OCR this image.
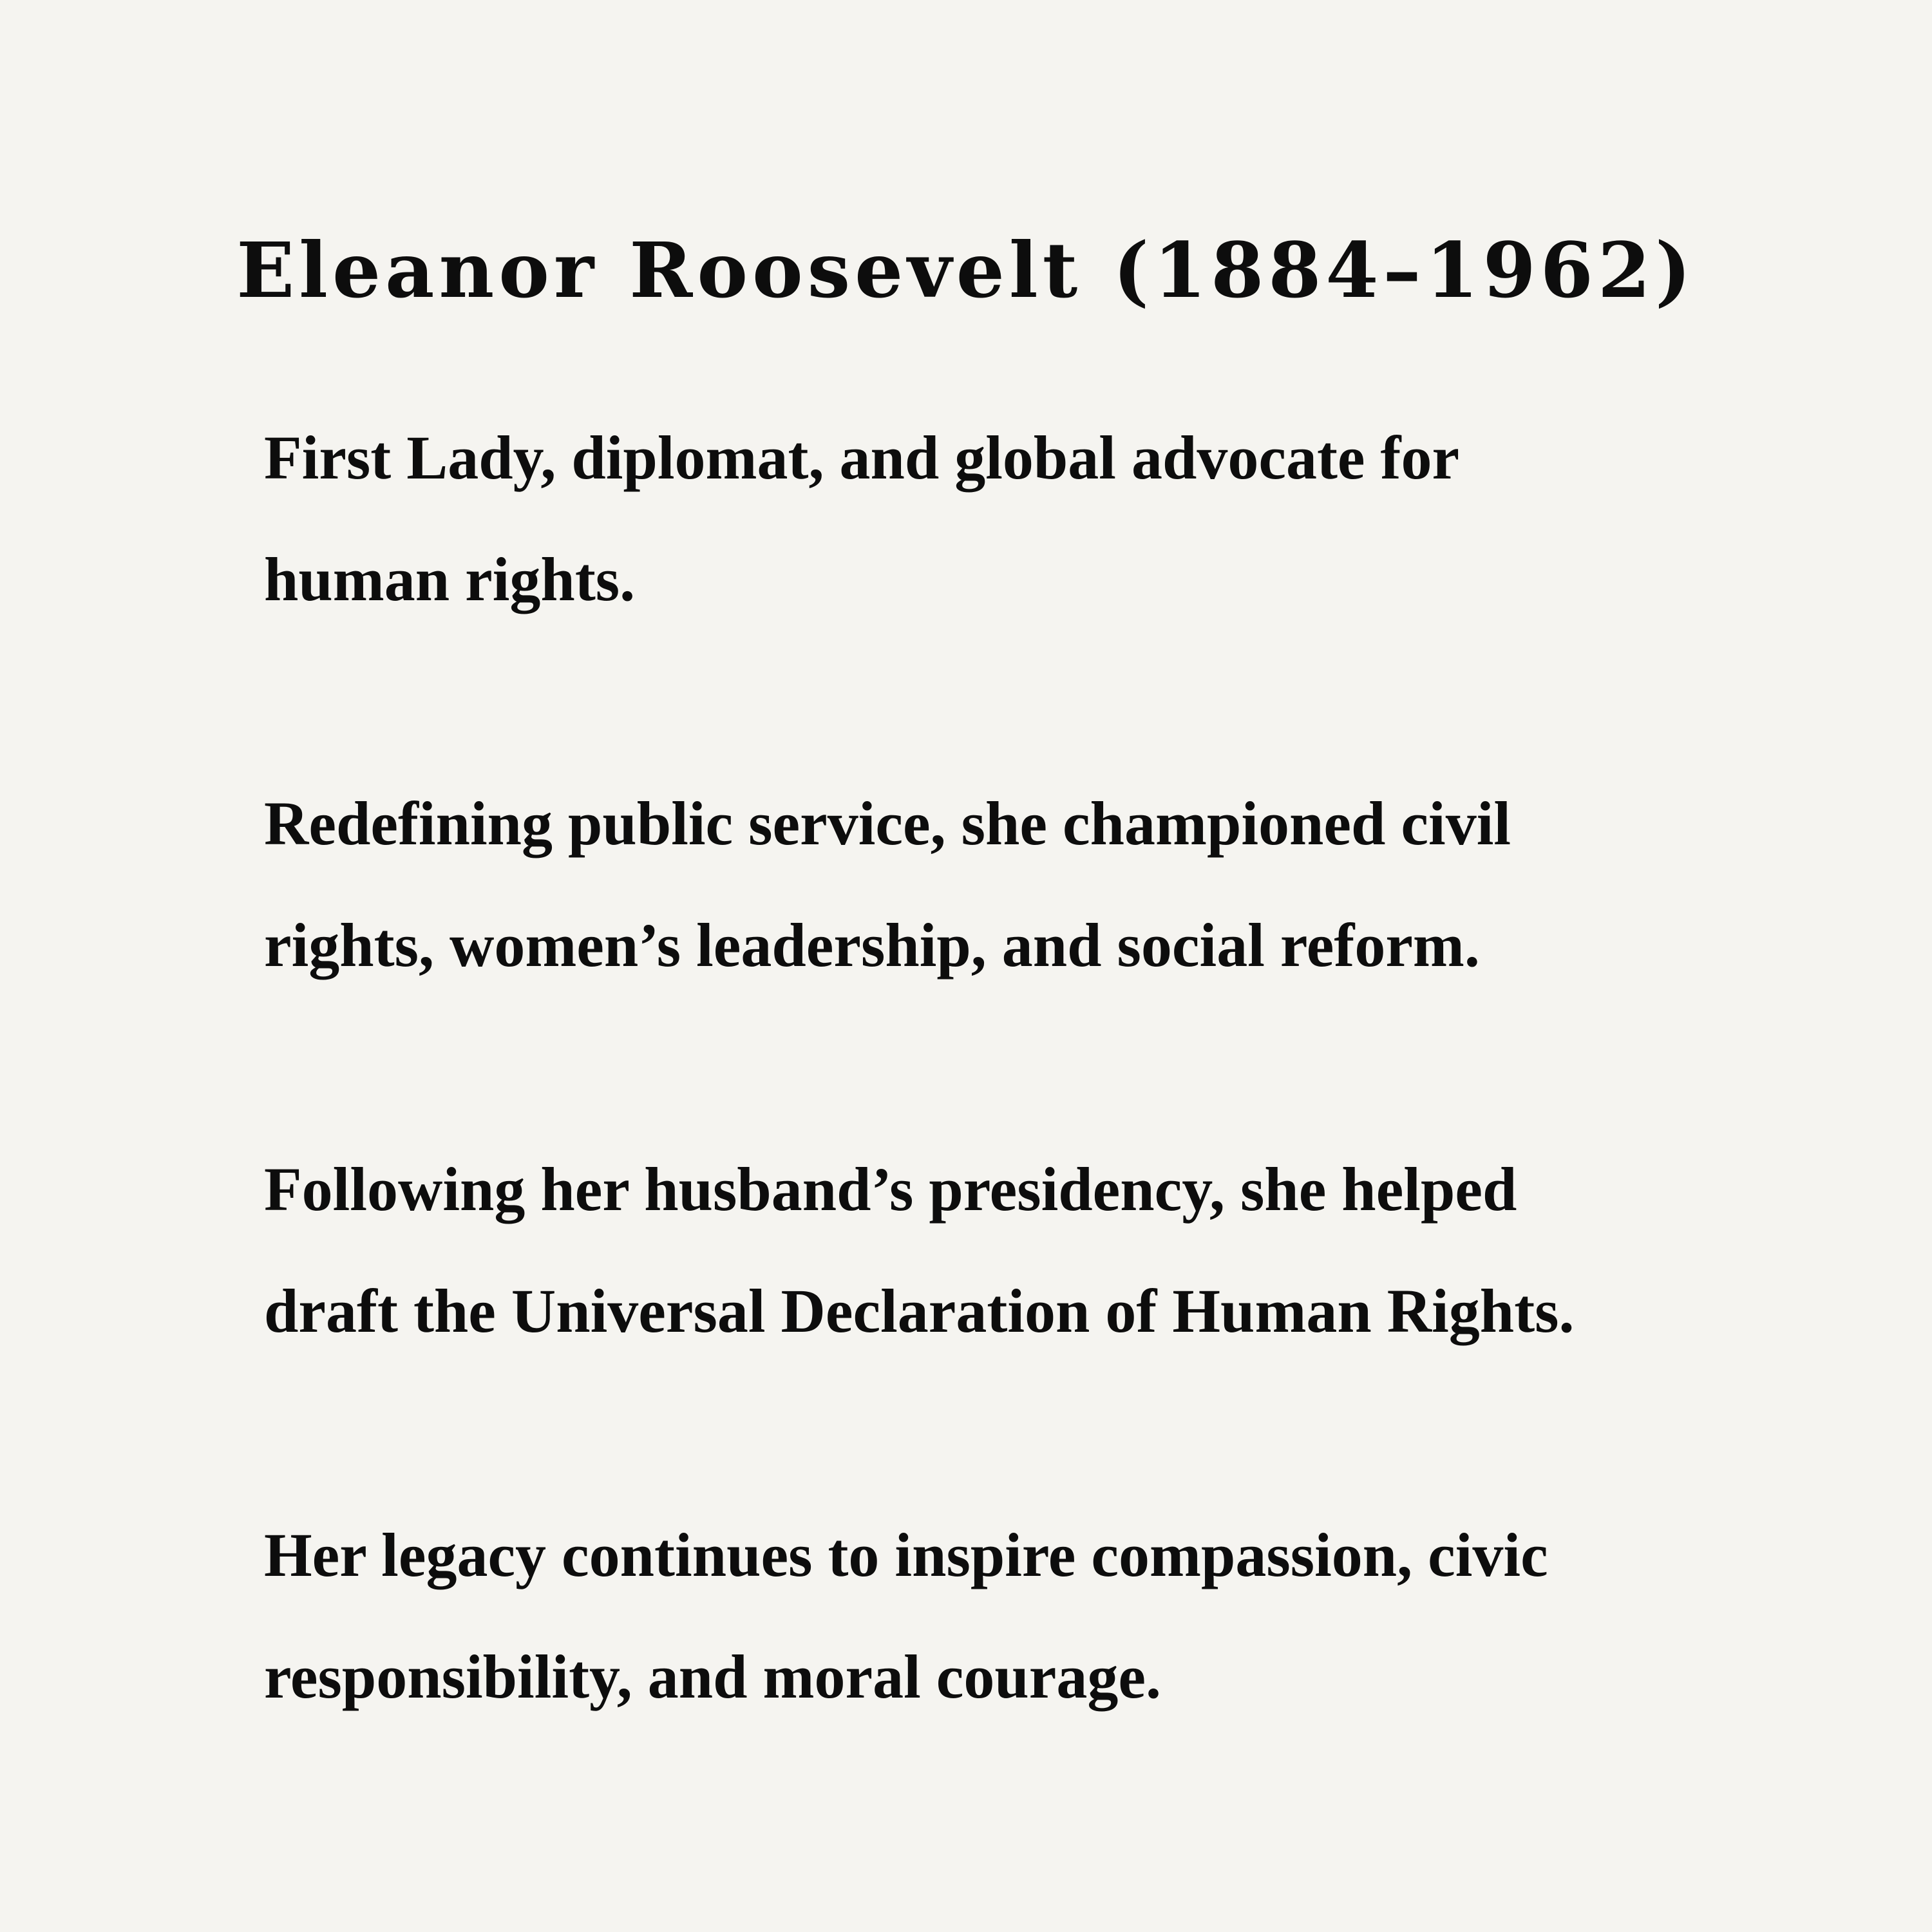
Eleanor Roosevelt (1884–1962)
First Lady, diplomat, and global advocate for
human rights.
Redefining public service, she championed civil
rights, women’s leadership, and social reform.
Following her husband’s presidency, she helped
draft the Universal Declaration of Human Rights.
Her legacy continues to inspire compassion, civic
responsibility, and moral courage.
